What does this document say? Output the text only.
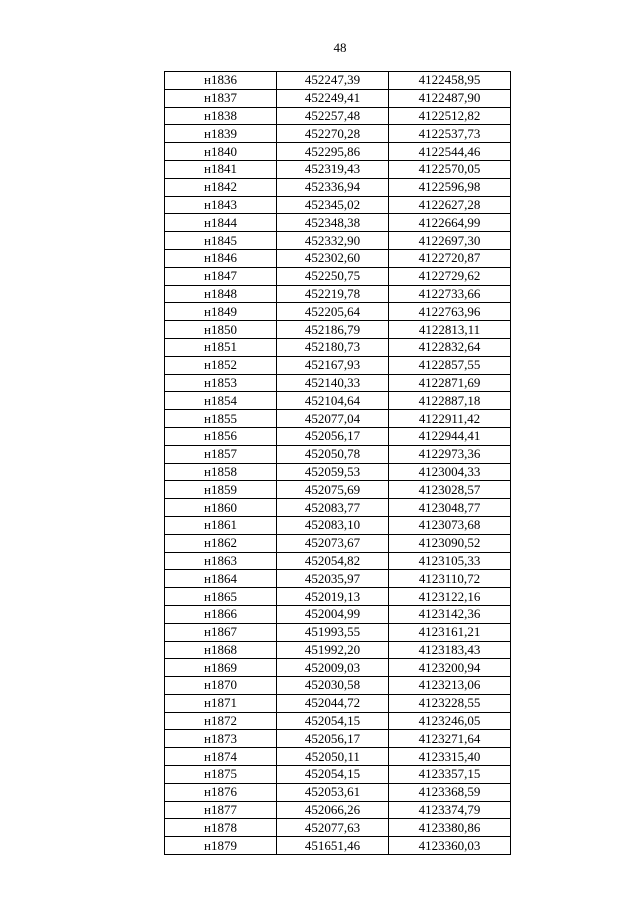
48
н1836	452247,39	4122458,95
н1837	452249,41	4122487,90
н1838	452257,48	4122512,82
н1839	452270,28	4122537,73
н1840	452295,86	4122544,46
н1841	452319,43	4122570,05
н1842	452336,94	4122596,98
н1843	452345,02	4122627,28
н1844	452348,38	4122664,99
н1845	452332,90	4122697,30
н1846	452302,60	4122720,87
н1847	452250,75	4122729,62
н1848	452219,78	4122733,66
н1849	452205,64	4122763,96
н1850	452186,79	4122813,11
н1851	452180,73	4122832,64
н1852	452167,93	4122857,55
н1853	452140,33	4122871,69
н1854	452104,64	4122887,18
н1855	452077,04	4122911,42
н1856	452056,17	4122944,41
н1857	452050,78	4122973,36
н1858	452059,53	4123004,33
н1859	452075,69	4123028,57
н1860	452083,77	4123048,77
н1861	452083,10	4123073,68
н1862	452073,67	4123090,52
н1863	452054,82	4123105,33
н1864	452035,97	4123110,72
н1865	452019,13	4123122,16
н1866	452004,99	4123142,36
н1867	451993,55	4123161,21
н1868	451992,20	4123183,43
н1869	452009,03	4123200,94
н1870	452030,58	4123213,06
н1871	452044,72	4123228,55
н1872	452054,15	4123246,05
н1873	452056,17	4123271,64
н1874	452050,11	4123315,40
н1875	452054,15	4123357,15
н1876	452053,61	4123368,59
н1877	452066,26	4123374,79
н1878	452077,63	4123380,86
н1879	451651,46	4123360,03
